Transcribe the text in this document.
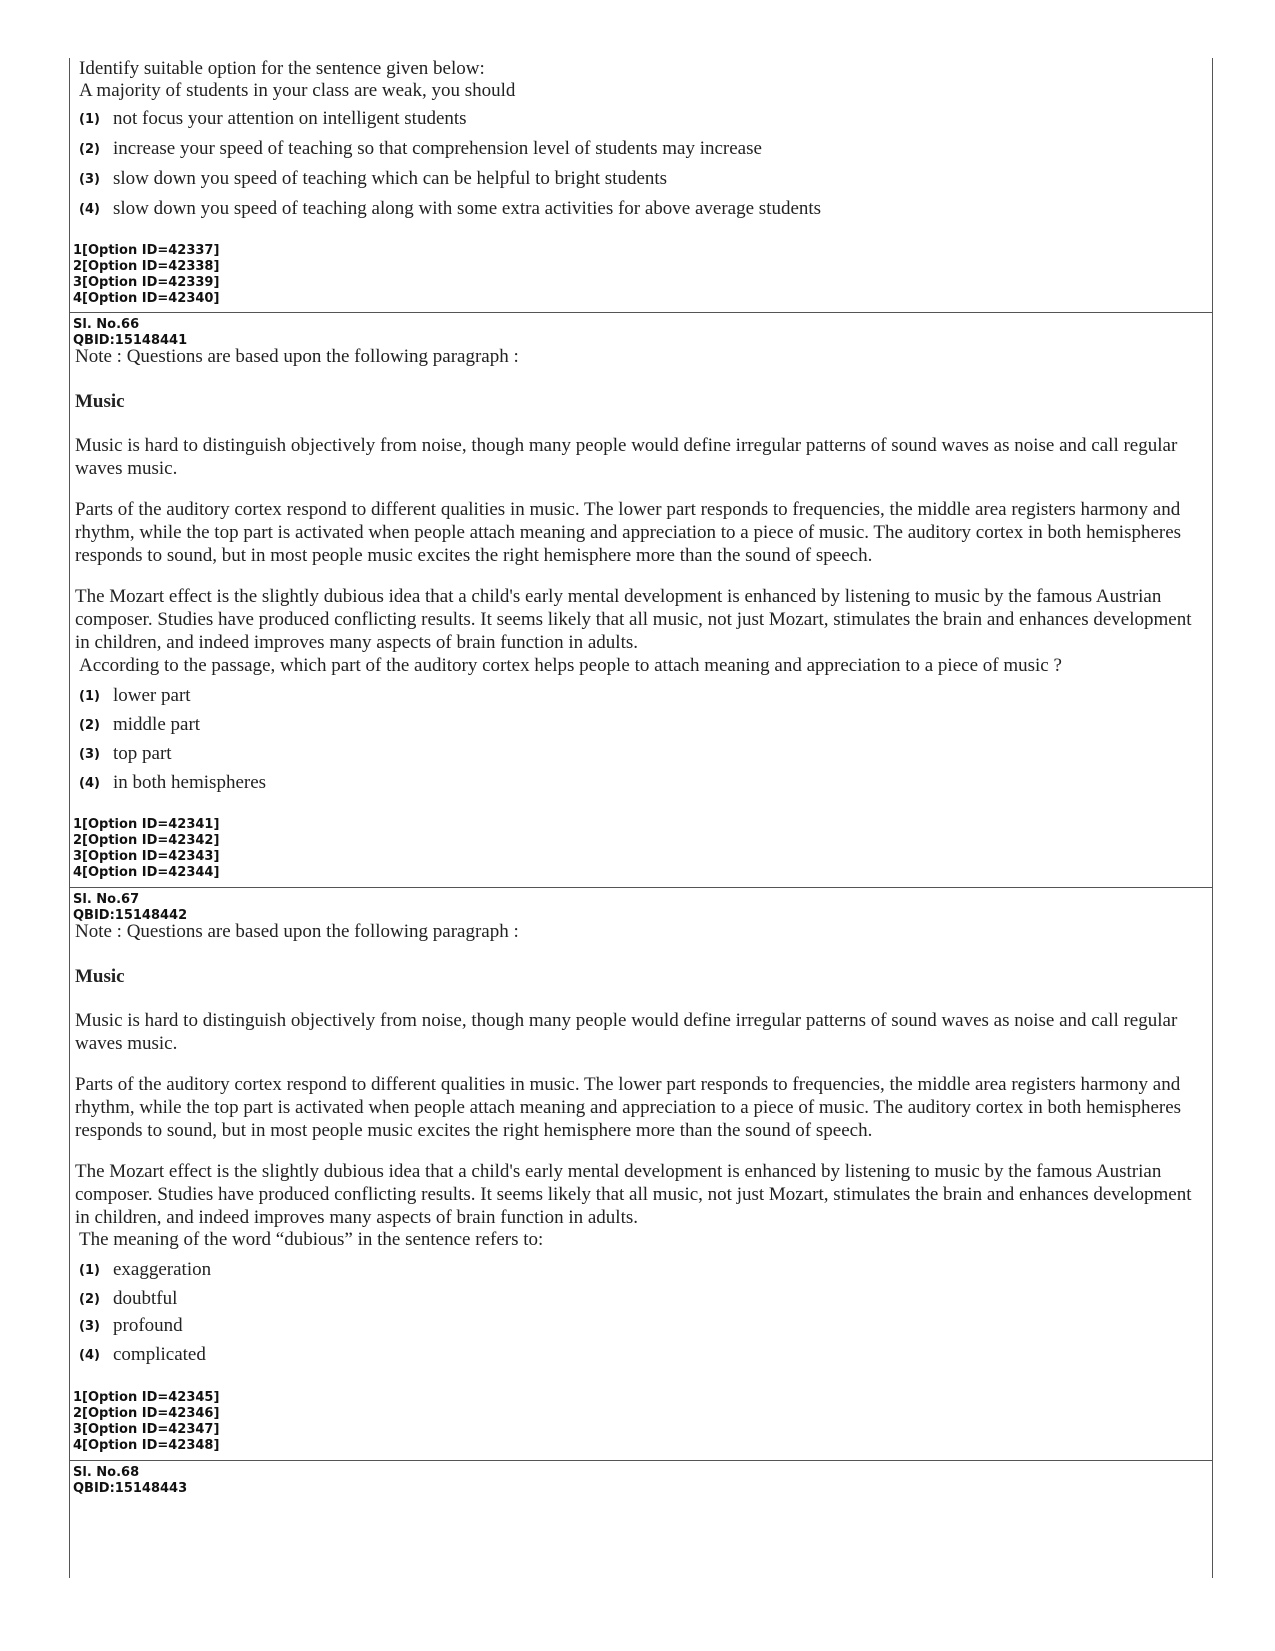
Identify suitable option for the sentence given below:
A majority of students in your class are weak, you should
(1) not focus your attention on intelligent students
(2) increase your speed of teaching so that comprehension level of students may increase
(3) slow down you speed of teaching which can be helpful to bright students
(4) slow down you speed of teaching along with some extra activities for above average students
1[Option ID=42337]
2[Option ID=42338]
3[Option ID=42339]
4[Option ID=42340]
Sl. No.66
QBID:15148441
Note : Questions are based upon the following paragraph :
Music
Music is hard to distinguish objectively from noise, though many people would define irregular patterns of sound waves as noise and call regular waves music.
Parts of the auditory cortex respond to different qualities in music. The lower part responds to frequencies, the middle area registers harmony and rhythm, while the top part is activated when people attach meaning and appreciation to a piece of music. The auditory cortex in both hemispheres responds to sound, but in most people music excites the right hemisphere more than the sound of speech.
The Mozart effect is the slightly dubious idea that a child's early mental development is enhanced by listening to music by the famous Austrian composer. Studies have produced conflicting results. It seems likely that all music, not just Mozart, stimulates the brain and enhances development in children, and indeed improves many aspects of brain function in adults.
According to the passage, which part of the auditory cortex helps people to attach meaning and appreciation to a piece of music ?
(1) lower part
(2) middle part
(3) top part
(4) in both hemispheres
1[Option ID=42341]
2[Option ID=42342]
3[Option ID=42343]
4[Option ID=42344]
Sl. No.67
QBID:15148442
Note : Questions are based upon the following paragraph :
Music
Music is hard to distinguish objectively from noise, though many people would define irregular patterns of sound waves as noise and call regular waves music.
Parts of the auditory cortex respond to different qualities in music. The lower part responds to frequencies, the middle area registers harmony and rhythm, while the top part is activated when people attach meaning and appreciation to a piece of music. The auditory cortex in both hemispheres responds to sound, but in most people music excites the right hemisphere more than the sound of speech.
The Mozart effect is the slightly dubious idea that a child's early mental development is enhanced by listening to music by the famous Austrian composer. Studies have produced conflicting results. It seems likely that all music, not just Mozart, stimulates the brain and enhances development in children, and indeed improves many aspects of brain function in adults.
The meaning of the word “dubious” in the sentence refers to:
(1) exaggeration
(2) doubtful
(3) profound
(4) complicated
1[Option ID=42345]
2[Option ID=42346]
3[Option ID=42347]
4[Option ID=42348]
Sl. No.68
QBID:15148443
